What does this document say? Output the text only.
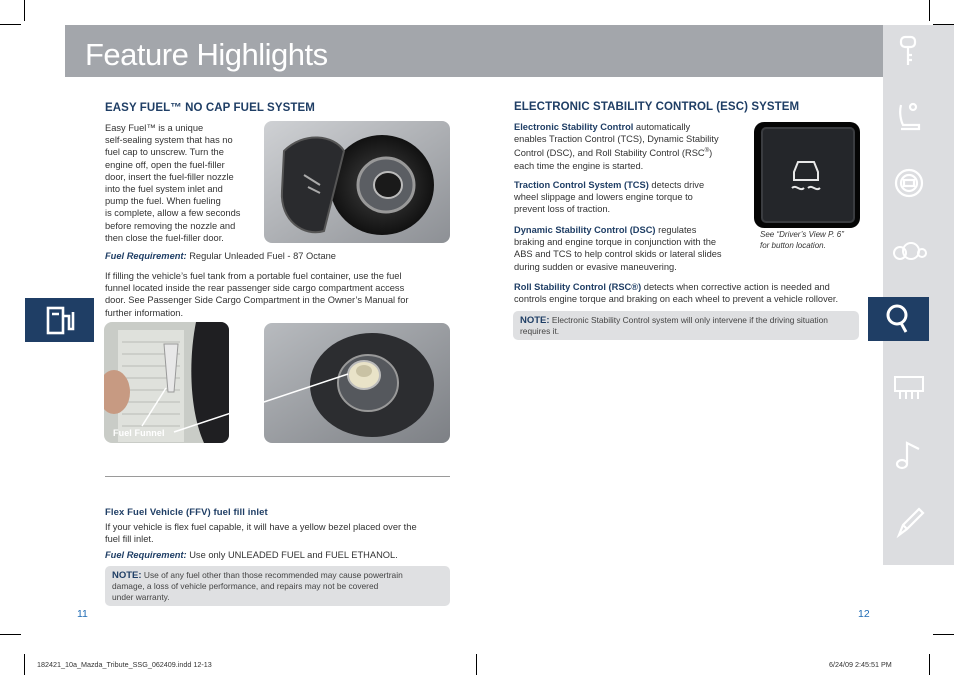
Feature Highlights
EASY FUEL™ NO CAP FUEL SYSTEM
Easy Fuel™ is a unique
self-sealing system that has no
fuel cap to unscrew. Turn the
engine off, open the fuel-filler
door, insert the fuel-filler nozzle
into the fuel system inlet and
pump the fuel. When fueling
is complete, allow a few seconds
before removing the nozzle and
then close the fuel-filler door.
Fuel Requirement: Regular Unleaded Fuel - 87 Octane
If filling the vehicle’s fuel tank from a portable fuel container, use the fuel
funnel located inside the rear passenger side cargo compartment access
door. See Passenger Side Cargo Compartment in the Owner’s Manual for
further information.
Fuel Funnel
Flex Fuel Vehicle (FFV) fuel fill inlet
If your vehicle is flex fuel capable, it will have a yellow bezel placed over the
fuel fill inlet.
Fuel Requirement: Use only UNLEADED FUEL and FUEL ETHANOL.
NOTE: Use of any fuel other than those recommended may cause powertrain
damage, a loss of vehicle performance, and repairs may not be covered
under warranty.
11
ELECTRONIC STABILITY CONTROL (ESC) SYSTEM
Electronic Stability Control automatically
enables Traction Control (TCS), Dynamic Stability
Control (DSC), and Roll Stability Control (RSC®)
each time the engine is started.
Traction Control System (TCS) detects drive
wheel slippage and lowers engine torque to
prevent loss of traction.
Dynamic Stability Control (DSC) regulates
braking and engine torque in conjunction with the
ABS and TCS to help control skids or lateral slides
during sudden or evasive maneuvering.
See “Driver’s View P. 6”
for button location.
Roll Stability Control (RSC®) detects when corrective action is needed and
controls engine torque and braking on each wheel to prevent a vehicle rollover.
NOTE: Electronic Stability Control system will only intervene if the driving situation
requires it.
12
182421_10a_Mazda_Tribute_SSG_062409.indd 12-13	6/24/09 2:45:51 PM
